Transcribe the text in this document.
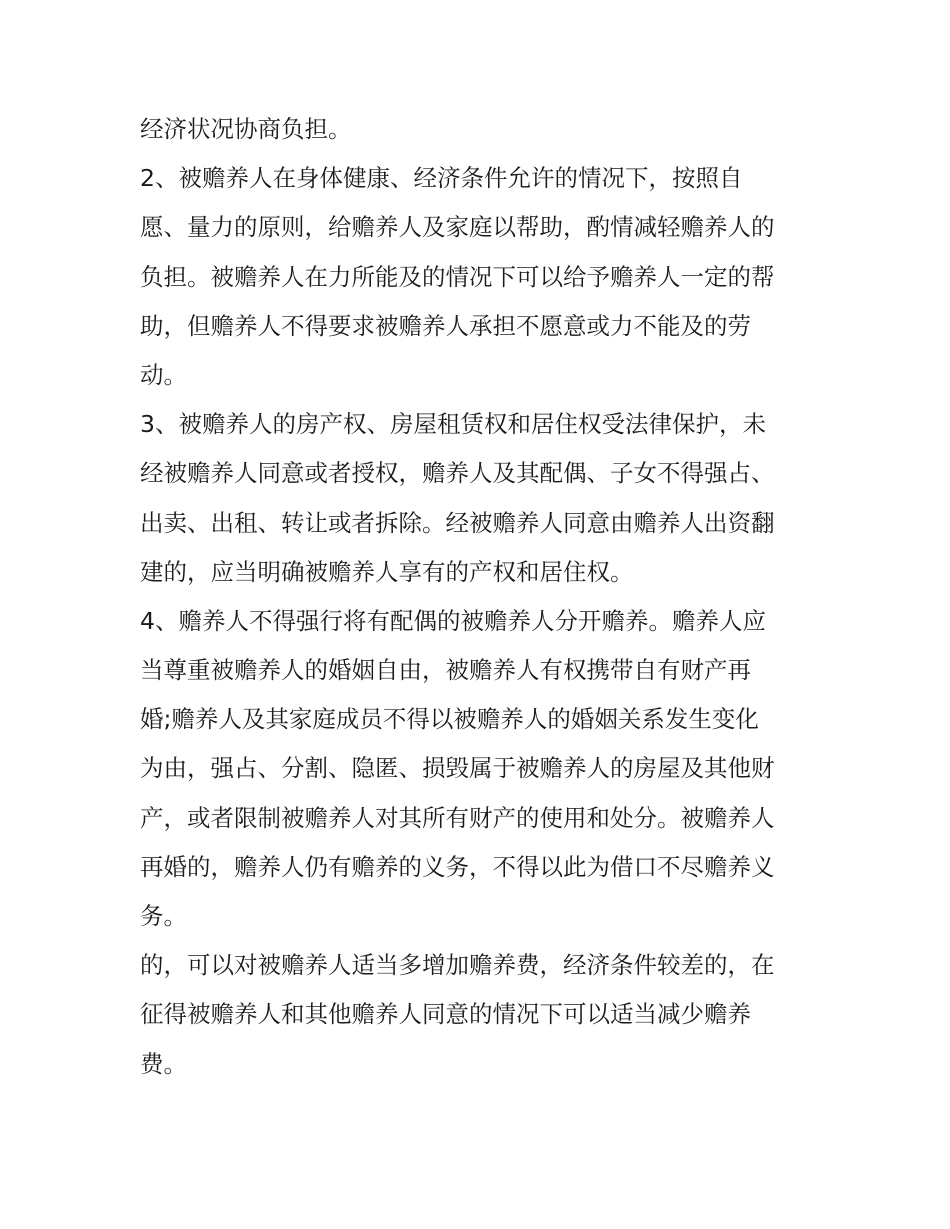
经济状况协商负担。
2、被赡养人在身体健康、经济条件允许的情况下，按照自
愿、量力的原则，给赡养人及家庭以帮助，酌情减轻赡养人的
负担。被赡养人在力所能及的情况下可以给予赡养人一定的帮
助，但赡养人不得要求被赡养人承担不愿意或力不能及的劳
动。
3、被赡养人的房产权、房屋租赁权和居住权受法律保护，未
经被赡养人同意或者授权，赡养人及其配偶、子女不得强占、
出卖、出租、转让或者拆除。经被赡养人同意由赡养人出资翻
建的，应当明确被赡养人享有的产权和居住权。
4、赡养人不得强行将有配偶的被赡养人分开赡养。赡养人应
当尊重被赡养人的婚姻自由，被赡养人有权携带自有财产再
婚;赡养人及其家庭成员不得以被赡养人的婚姻关系发生变化
为由，强占、分割、隐匿、损毁属于被赡养人的房屋及其他财
产，或者限制被赡养人对其所有财产的使用和处分。被赡养人
再婚的，赡养人仍有赡养的义务，不得以此为借口不尽赡养义
务。
的，可以对被赡养人适当多增加赡养费，经济条件较差的，在
征得被赡养人和其他赡养人同意的情况下可以适当减少赡养
费。
